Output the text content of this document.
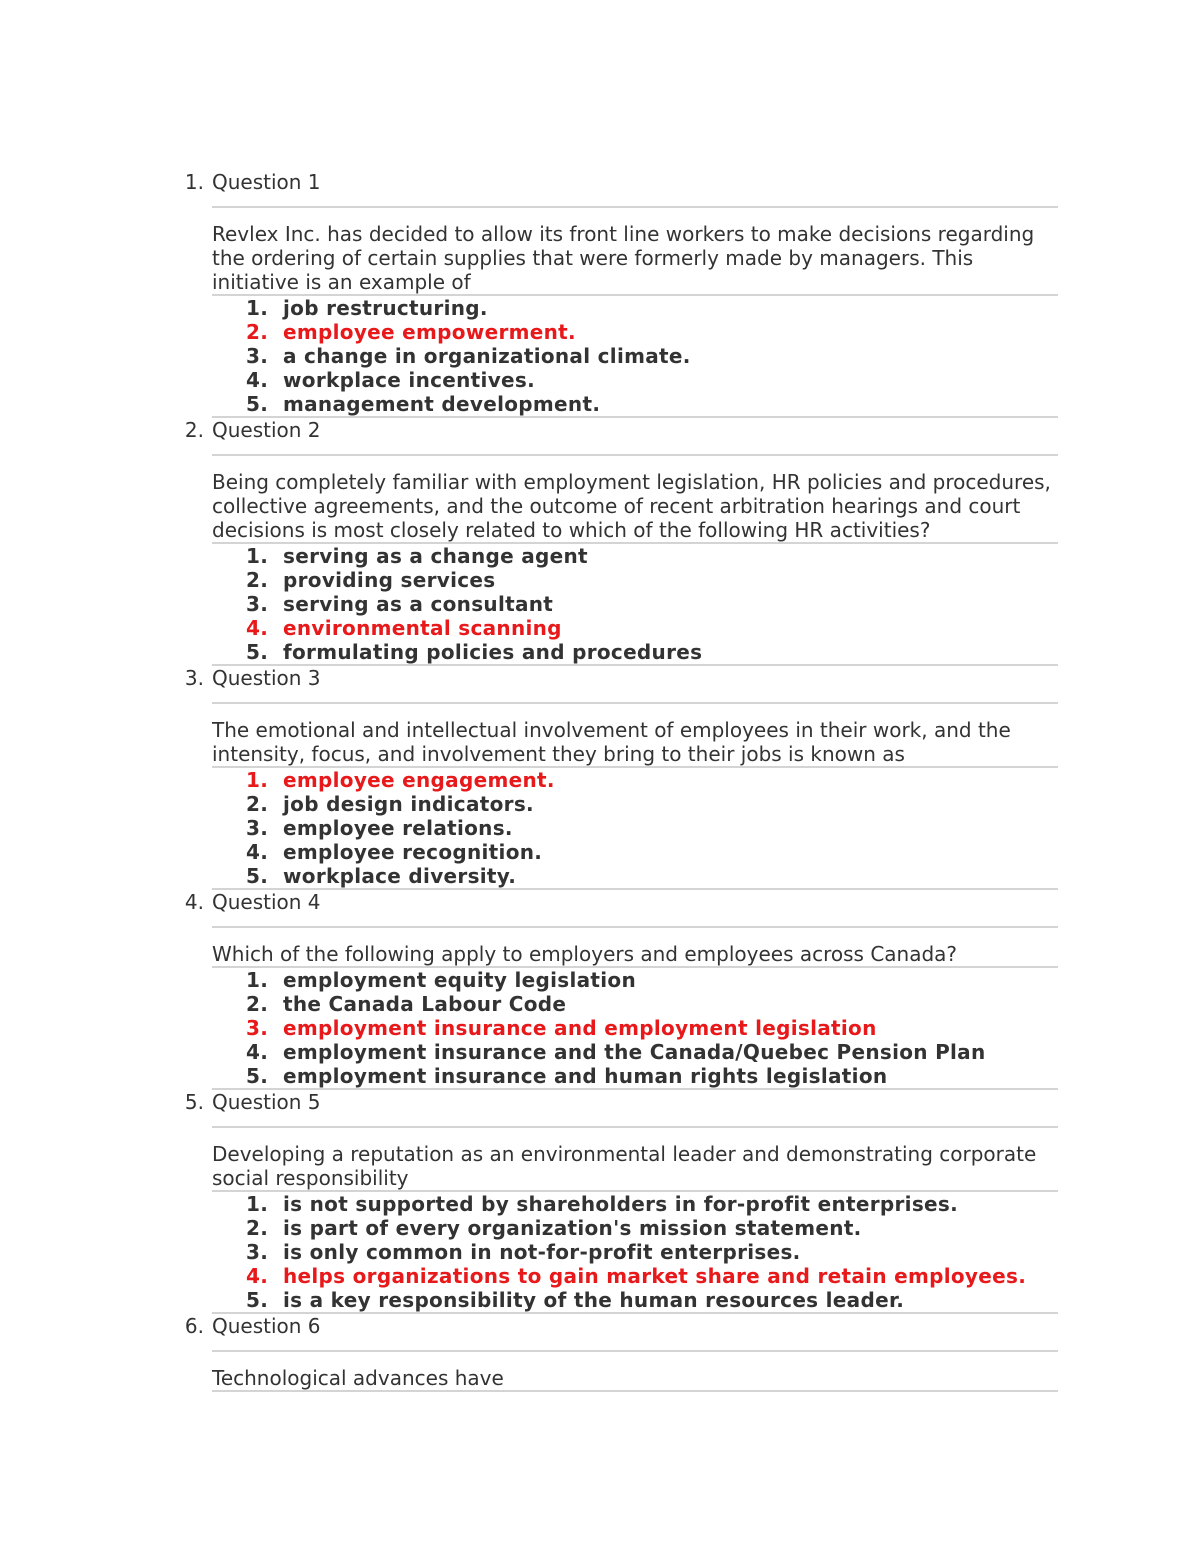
1. Question 1
Revlex Inc. has decided to allow its front line workers to make decisions regarding the ordering of certain supplies that were formerly made by managers. This initiative is an example of
1. job restructuring.
2. employee empowerment.
3. a change in organizational climate.
4. workplace incentives.
5. management development.
2. Question 2
Being completely familiar with employment legislation, HR policies and procedures, collective agreements, and the outcome of recent arbitration hearings and court decisions is most closely related to which of the following HR activities?
1. serving as a change agent
2. providing services
3. serving as a consultant
4. environmental scanning
5. formulating policies and procedures
3. Question 3
The emotional and intellectual involvement of employees in their work, and the intensity, focus, and involvement they bring to their jobs is known as
1. employee engagement.
2. job design indicators.
3. employee relations.
4. employee recognition.
5. workplace diversity.
4. Question 4
Which of the following apply to employers and employees across Canada?
1. employment equity legislation
2. the Canada Labour Code
3. employment insurance and employment legislation
4. employment insurance and the Canada/Quebec Pension Plan
5. employment insurance and human rights legislation
5. Question 5
Developing a reputation as an environmental leader and demonstrating corporate social responsibility
1. is not supported by shareholders in for-profit enterprises.
2. is part of every organization's mission statement.
3. is only common in not-for-profit enterprises.
4. helps organizations to gain market share and retain employees.
5. is a key responsibility of the human resources leader.
6. Question 6
Technological advances have
